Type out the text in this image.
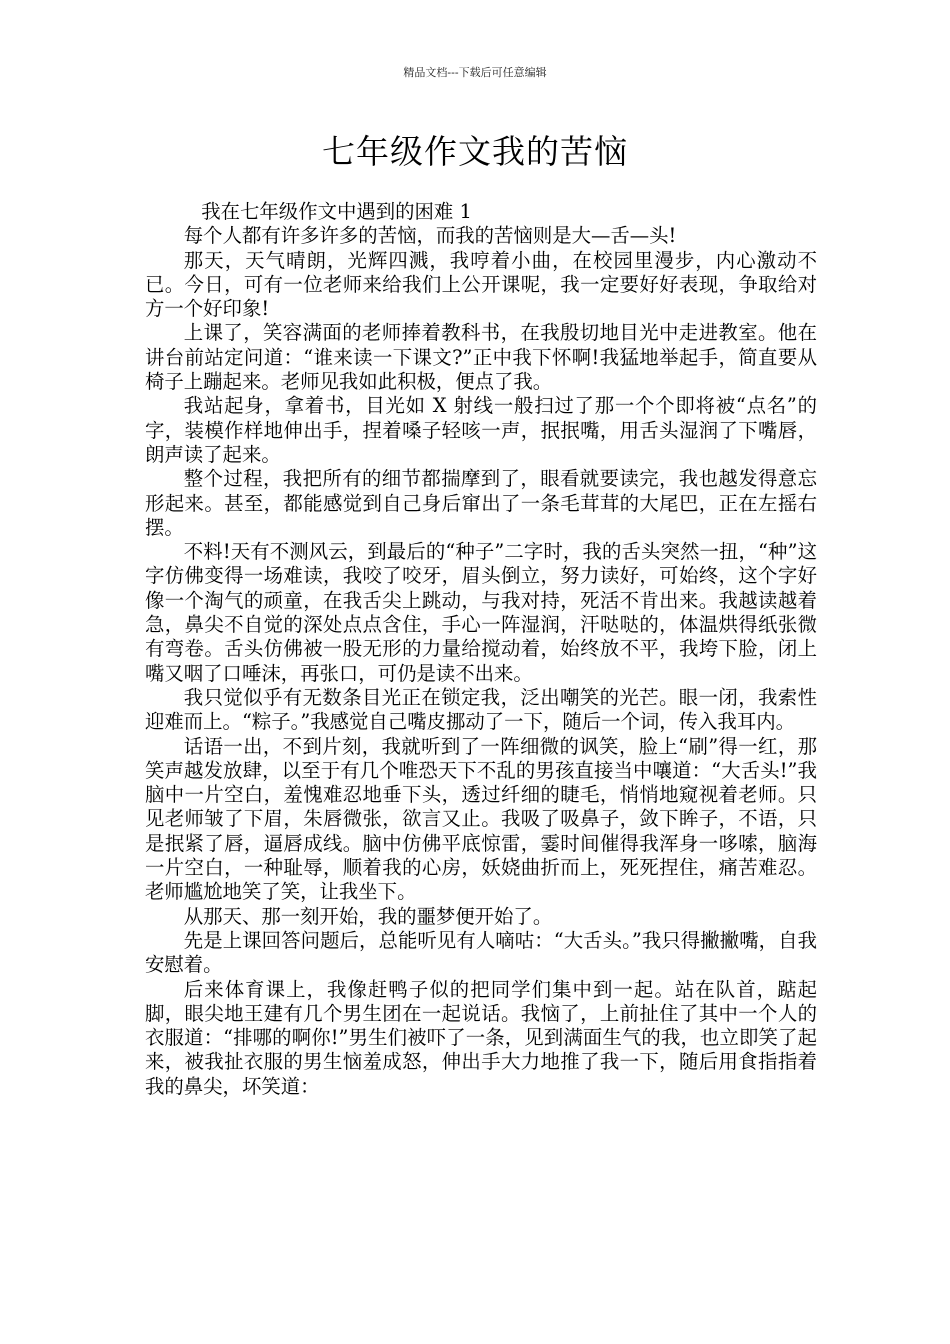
精品文档---下载后可任意编辑
七年级作文我的苦恼

我在七年级作文中遇到的困难 1

每个人都有许多许多的苦恼，而我的苦恼则是大—舌—头!

那天，天气晴朗，光辉四溅，我哼着小曲，在校园里漫步，内心激动不已。今日，可有一位老师来给我们上公开课呢，我一定要好好表现，争取给对方一个好印象!

上课了，笑容满面的老师捧着教科书，在我殷切地目光中走进教室。他在讲台前站定问道：“谁来读一下课文?”正中我下怀啊!我猛地举起手，简直要从椅子上蹦起来。老师见我如此积极，便点了我。

我站起身，拿着书，目光如 X 射线一般扫过了那一个个即将被“点名”的字，装模作样地伸出手，捏着嗓子轻咳一声，抿抿嘴，用舌头湿润了下嘴唇，朗声读了起来。

整个过程，我把所有的细节都揣摩到了，眼看就要读完，我也越发得意忘形起来。甚至，都能感觉到自己身后窜出了一条毛茸茸的大尾巴，正在左摇右摆。

不料!天有不测风云，到最后的“种子”二字时，我的舌头突然一扭，“种”这字仿佛变得一场难读，我咬了咬牙，眉头倒立，努力读好，可始终，这个字好像一个淘气的顽童，在我舌尖上跳动，与我对持，死活不肯出来。我越读越着急，鼻尖不自觉的深处点点含住，手心一阵湿润，汗哒哒的，体温烘得纸张微有弯卷。舌头仿佛被一股无形的力量给搅动着，始终放不平，我垮下脸，闭上嘴又咽了口唾沫，再张口，可仍是读不出来。

我只觉似乎有无数条目光正在锁定我，泛出嘲笑的光芒。眼一闭，我索性迎难而上。“粽子。”我感觉自己嘴皮挪动了一下，随后一个词，传入我耳内。

话语一出，不到片刻，我就听到了一阵细微的讽笑，脸上“刷”得一红，那笑声越发放肆，以至于有几个唯恐天下不乱的男孩直接当中嚷道：“大舌头!”我脑中一片空白，羞愧难忍地垂下头，透过纤细的睫毛，悄悄地窥视着老师。只见老师皱了下眉，朱唇微张，欲言又止。我吸了吸鼻子，敛下眸子，不语，只是抿紧了唇，逼唇成线。脑中仿佛平底惊雷，霎时间催得我浑身一哆嗦，脑海一片空白，一种耻辱，顺着我的心房，妖娆曲折而上，死死捏住，痛苦难忍。老师尴尬地笑了笑，让我坐下。

从那天、那一刻开始，我的噩梦便开始了。

先是上课回答问题后，总能听见有人嘀咕：“大舌头。”我只得撇撇嘴，自我安慰着。

后来体育课上，我像赶鸭子似的把同学们集中到一起。站在队首，踮起脚，眼尖地王建有几个男生团在一起说话。我恼了，上前扯住了其中一个人的衣服道：“排哪的啊你!”男生们被吓了一条，见到满面生气的我，也立即笑了起来，被我扯衣服的男生恼羞成怒，伸出手大力地推了我一下，随后用食指指着我的鼻尖，坏笑道：
